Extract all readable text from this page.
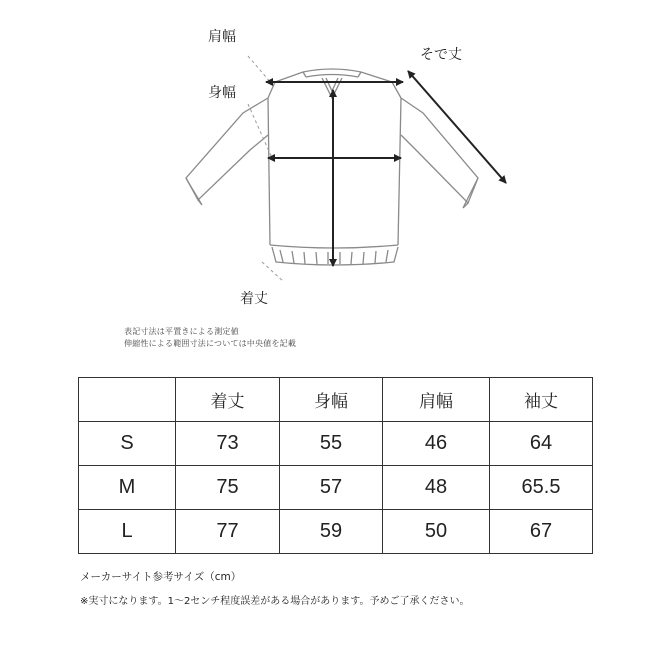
肩幅
身幅
そで丈
着丈
表記寸法は平置きによる測定値
伸縮性による範囲寸法については中央値を記載
	着丈	身幅	肩幅	袖丈
S	73	55	46	64
M	75	57	48	65.5
L	77	59	50	67
メーカーサイト参考サイズ（cm）
※実寸になります。1～2センチ程度誤差がある場合があります。予めご了承ください。
